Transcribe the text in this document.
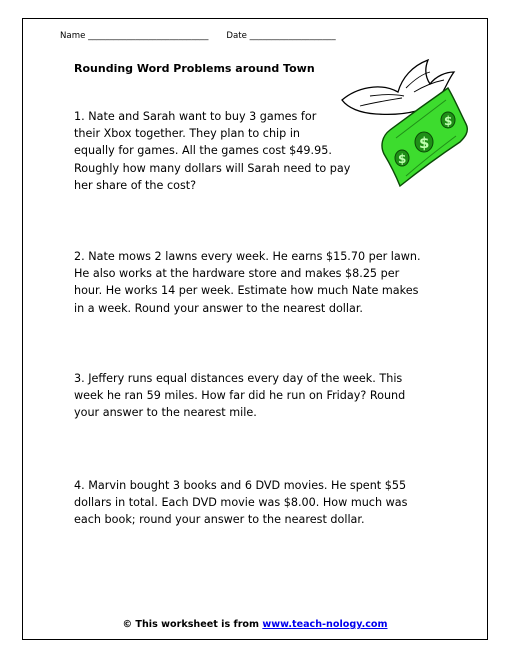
Name ____________________________ Date ____________________
Rounding Word Problems around Town
$
$
$
1. Nate and Sarah want to buy 3 games for
their Xbox together. They plan to chip in
equally for games. All the games cost $49.95.
Roughly how many dollars will Sarah need to pay
her share of the cost?
2. Nate mows 2 lawns every week. He earns $15.70 per lawn.
He also works at the hardware store and makes $8.25 per
hour. He works 14 per week. Estimate how much Nate makes
in a week. Round your answer to the nearest dollar.
3. Jeffery runs equal distances every day of the week. This
week he ran 59 miles. How far did he run on Friday? Round
your answer to the nearest mile.
4. Marvin bought 3 books and 6 DVD movies. He spent $55
dollars in total. Each DVD movie was $8.00. How much was
each book; round your answer to the nearest dollar.
© This worksheet is from www.teach-nology.com
